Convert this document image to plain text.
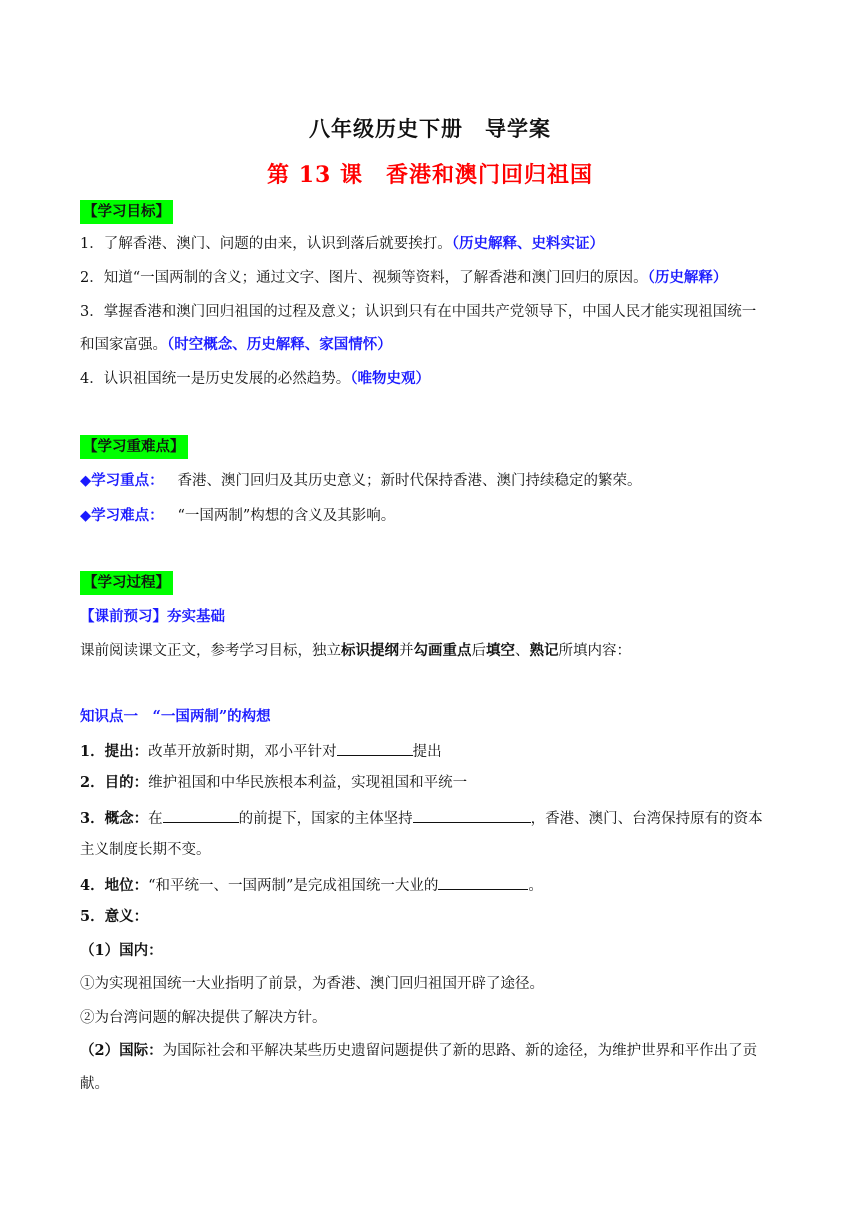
八年级历史下册　导学案
第 13 课　香港和澳门回归祖国
【学习目标】
1．了解香港、澳门、问题的由来，认识到落后就要挨打。（历史解释、史料实证）
2．知道“一国两制的含义；通过文字、图片、视频等资料，了解香港和澳门回归的原因。（历史解释）
3．掌握香港和澳门回归祖国的过程及意义；认识到只有在中国共产党领导下，中国人民才能实现祖国统一
和国家富强。（时空概念、历史解释、家国情怀）
4．认识祖国统一是历史发展的必然趋势。（唯物史观）
【学习重难点】
◆学习重点： 香港、澳门回归及其历史意义；新时代保持香港、澳门持续稳定的繁荣。
◆学习难点： “一国两制”构想的含义及其影响。
【学习过程】
【课前预习】夯实基础
课前阅读课文正文，参考学习目标，独立标识提纲并勾画重点后填空、熟记所填内容：
知识点一　“一国两制”的构想
1．提出：改革开放新时期，邓小平针对	提出
2．目的：维护祖国和中华民族根本利益，实现祖国和平统一
3．概念：在	的前提下，国家的主体坚持	，香港、澳门、台湾保持原有的资本
主义制度长期不变。
4．地位：“和平统一、一国两制”是完成祖国统一大业的	。
5．意义：
（1）国内：
①为实现祖国统一大业指明了前景，为香港、澳门回归祖国开辟了途径。
②为台湾问题的解决提供了解决方针。
（2）国际：为国际社会和平解决某些历史遗留问题提供了新的思路、新的途径，为维护世界和平作出了贡
献。
